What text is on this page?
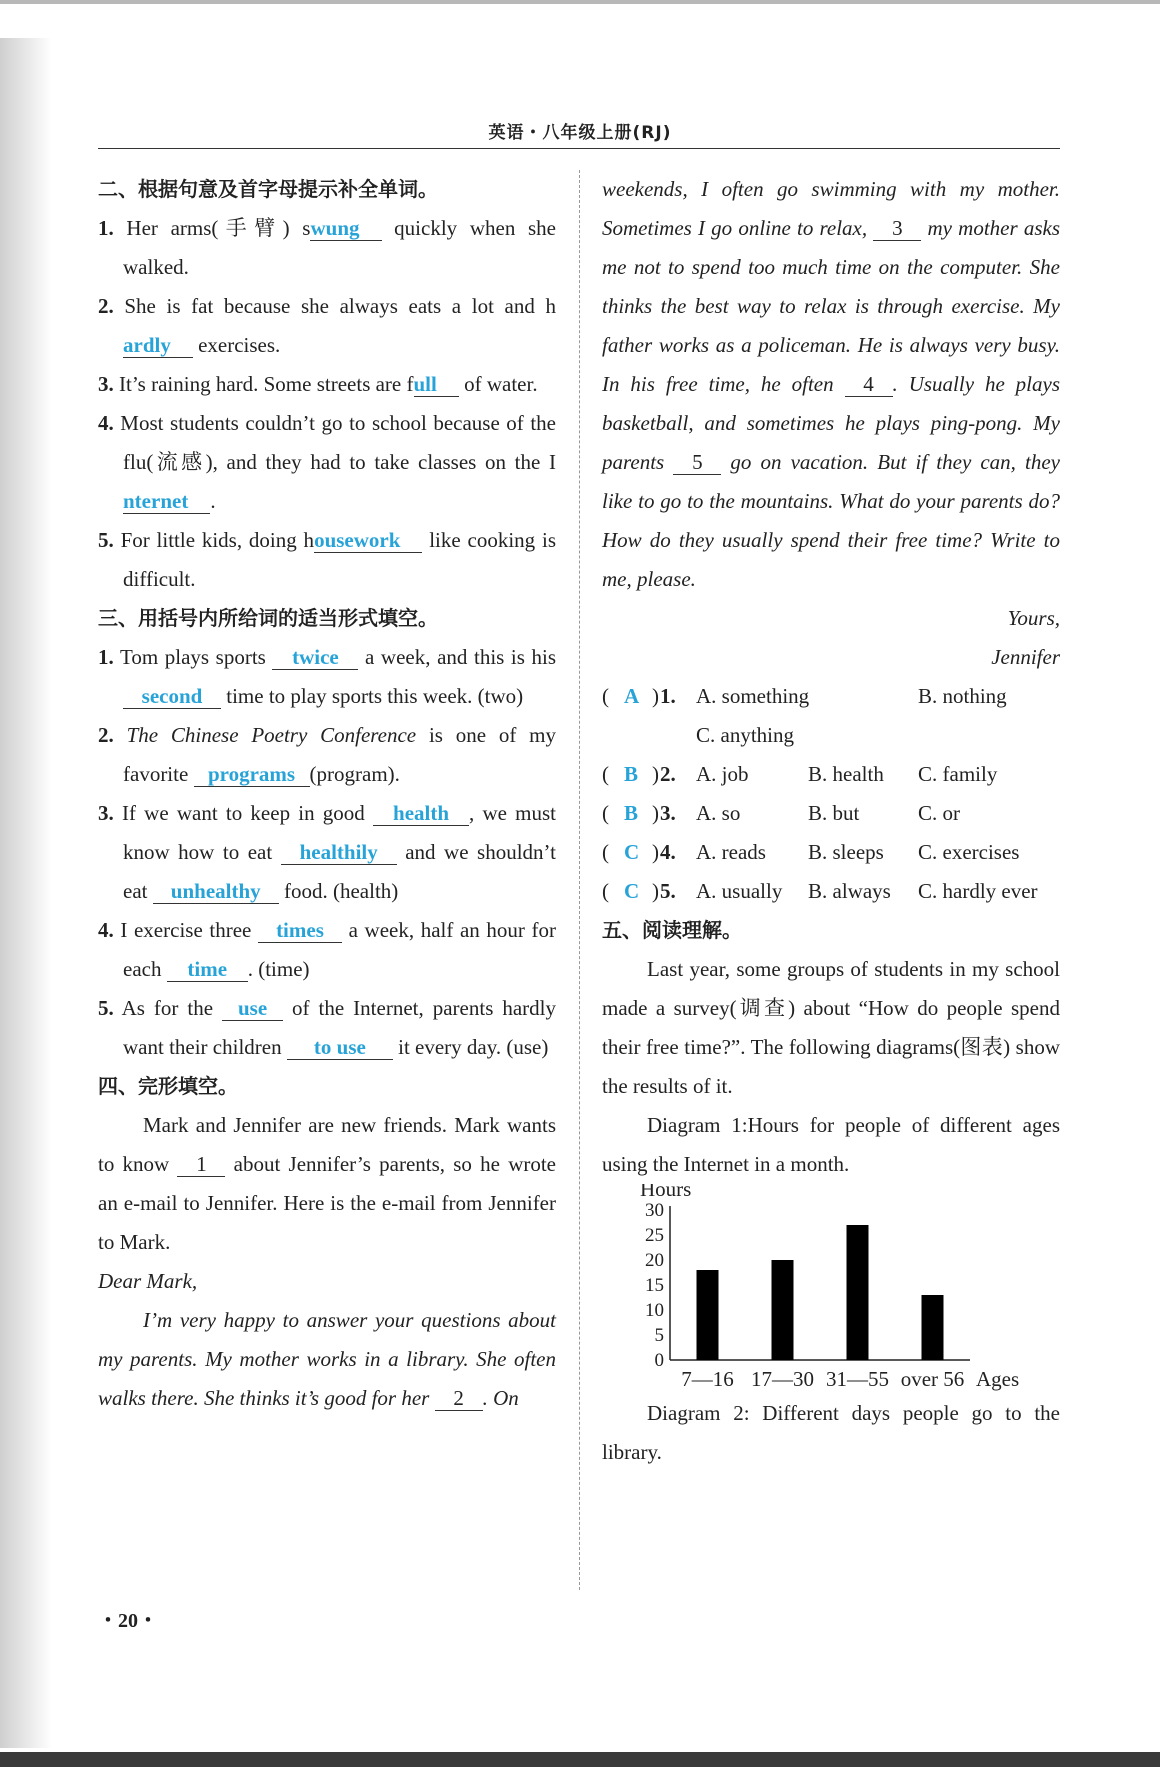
英语・八年级上册(RJ)

二、根据句意及首字母提示补全单词。

1. Her arms(手臂) swung quickly when she walked.

2. She is fat because she always eats a lot and hardly exercises.

3. It’s raining hard. Some streets are full of water.

4. Most students couldn’t go to school because of the flu(流感), and they had to take classes on the Internet .

5. For little kids, doing housework like cooking is difficult.

三、用括号内所给词的适当形式填空。

1. Tom plays sports twice a week, and this is his second time to play sports this week. (two)

2. The Chinese Poetry Conference is one of my favorite programs (program).

3. If we want to keep in good health , we must know how to eat healthily and we shouldn’t eat unhealthy food. (health)

4. I exercise three times a week, half an hour for each time . (time)

5. As for the use of the Internet, parents hardly want their children to use it every day. (use)

四、完形填空。

Mark and Jennifer are new friends. Mark wants to know 1 about Jennifer’s parents, so he wrote an e-mail to Jennifer. Here is the e-mail from Jennifer to Mark.

Dear Mark,

I’m very happy to answer your questions about my parents. My mother works in a library. She often walks there. She thinks it’s good for her 2 . On

weekends, I often go swimming with my mother. Sometimes I go online to relax, 3 my mother asks me not to spend too much time on the computer. She thinks the best way to relax is through exercise. My father works as a policeman. He is always very busy. In his free time, he often 4 . Usually he plays basketball, and sometimes he plays ping-pong. My parents 5 go on vacation. But if they can, they like to go to the mountains. What do your parents do? How do they usually spend their free time? Write to me, please.

Yours,

Jennifer

( A ) 1. A. something	B. nothing
C. anything
( B ) 2. A. job	B. health C. family
( B ) 3. A. so	B. but	C. or
( C ) 4. A. reads B. sleeps C. exercises
( C ) 5. A. usually B. always C. hardly ever

五、阅读理解。

Last year, some groups of students in my school made a survey(调查) about “How do people spend their free time?”. The following diagrams(图表) show the results of it.

Diagram 1:Hours for people of different ages using the Internet in a month.

Hours
0
5
10
15
20
25
30
7—16 17—30 31—55 over 56 Ages

Diagram 2: Different days people go to the library.

・20・
